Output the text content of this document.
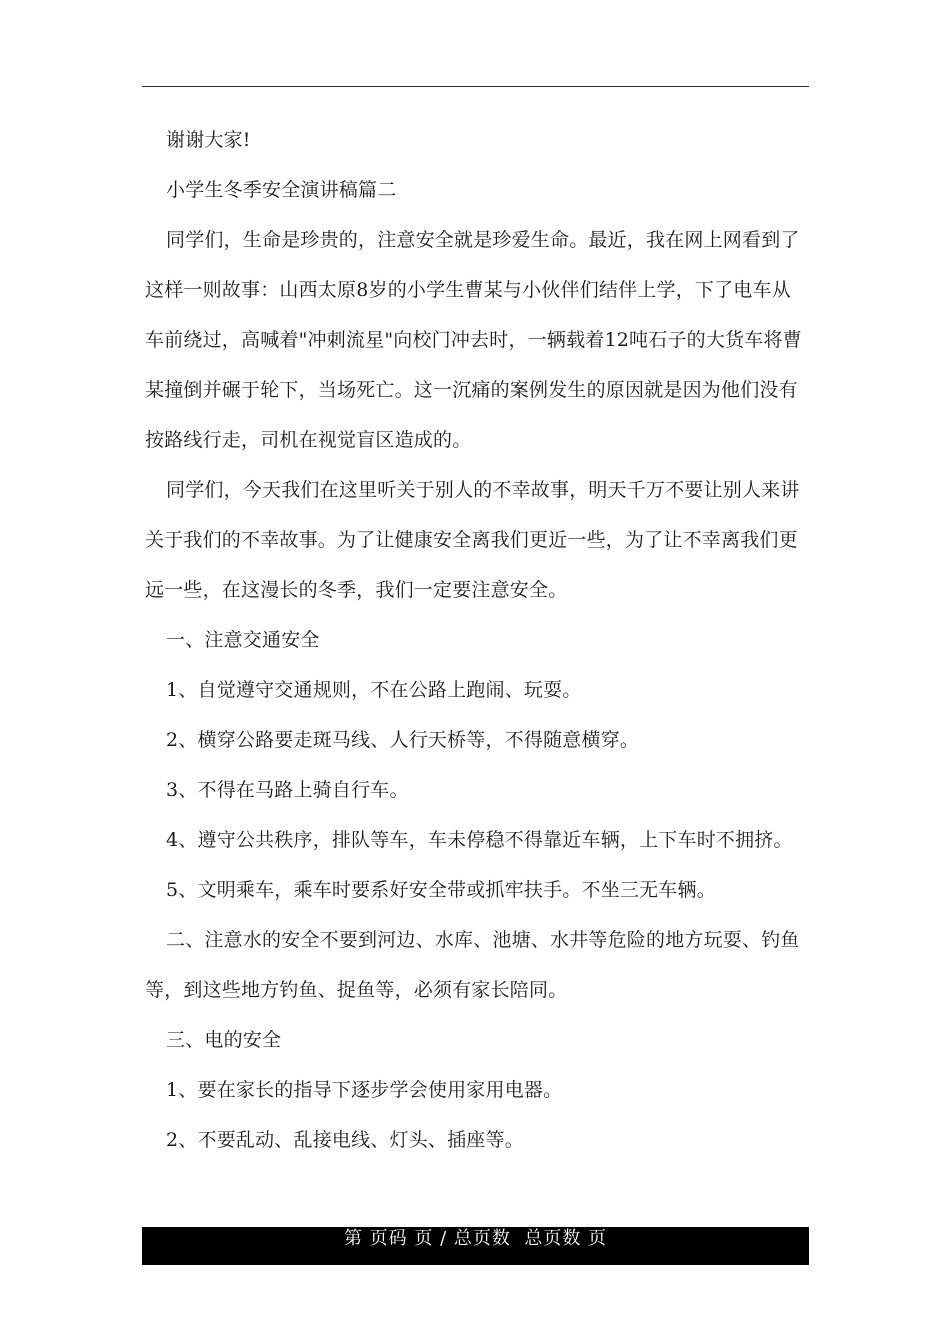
谢谢大家!

小学生冬季安全演讲稿篇二

同学们，生命是珍贵的，注意安全就是珍爱生命。最近，我在网上网看到了这样一则故事：山西太原8岁的小学生曹某与小伙伴们结伴上学，下了电车从车前绕过，高喊着"冲刺流星"向校门冲去时，一辆载着12吨石子的大货车将曹某撞倒并碾于轮下，当场死亡。这一沉痛的案例发生的原因就是因为他们没有按路线行走，司机在视觉盲区造成的。

同学们，今天我们在这里听关于别人的不幸故事，明天千万不要让别人来讲关于我们的不幸故事。为了让健康安全离我们更近一些，为了让不幸离我们更远一些，在这漫长的冬季，我们一定要注意安全。

一、注意交通安全

1、自觉遵守交通规则，不在公路上跑闹、玩耍。

2、横穿公路要走斑马线、人行天桥等，不得随意横穿。

3、不得在马路上骑自行车。

4、遵守公共秩序，排队等车，车未停稳不得靠近车辆，上下车时不拥挤。

5、文明乘车，乘车时要系好安全带或抓牢扶手。不坐三无车辆。

二、注意水的安全不要到河边、水库、池塘、水井等危险的地方玩耍、钓鱼等，到这些地方钓鱼、捉鱼等，必须有家长陪同。

三、电的安全

1、要在家长的指导下逐步学会使用家用电器。

2、不要乱动、乱接电线、灯头、插座等。

第 页码 页 / 总页数  总页数 页
